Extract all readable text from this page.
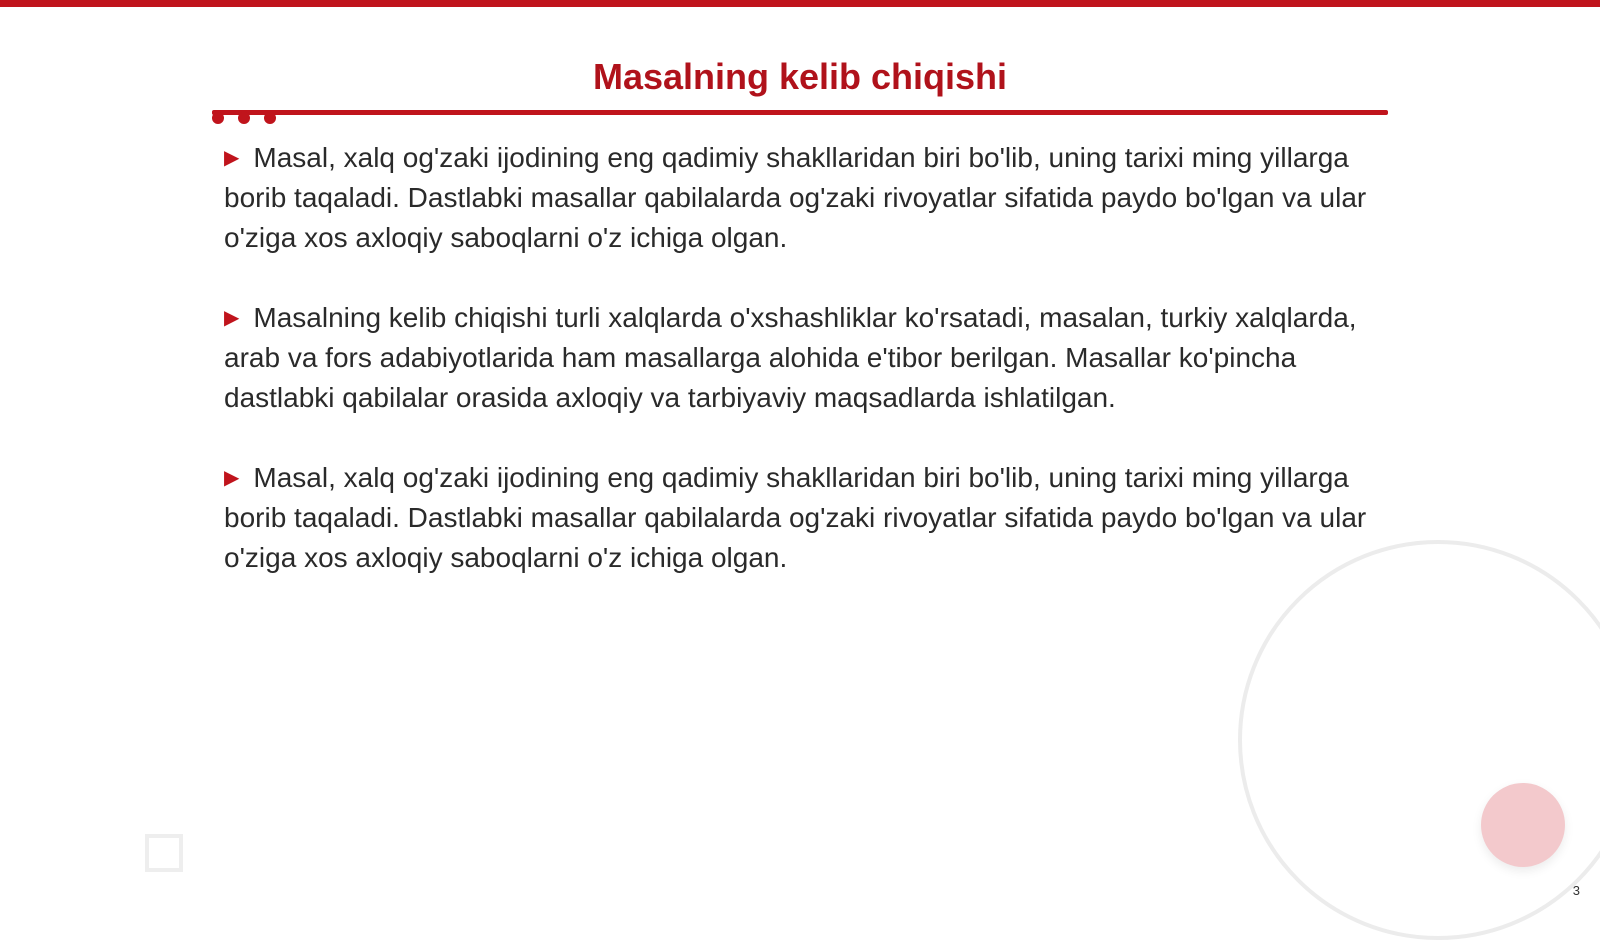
Masalning kelib chiqishi

▶ Masal, xalq og'zaki ijodining eng qadimiy shakllaridan biri bo'lib, uning tarixi ming yillarga borib taqaladi. Dastlabki masallar qabilalarda og'zaki rivoyatlar sifatida paydo bo'lgan va ular o'ziga xos axloqiy saboqlarni o'z ichiga olgan.

▶ Masalning kelib chiqishi turli xalqlarda o'xshashliklar ko'rsatadi, masalan, turkiy xalqlarda, arab va fors adabiyotlarida ham masallarga alohida e'tibor berilgan. Masallar ko'pincha dastlabki qabilalar orasida axloqiy va tarbiyaviy maqsadlarda ishlatilgan.

▶ Masal, xalq og'zaki ijodining eng qadimiy shakllaridan biri bo'lib, uning tarixi ming yillarga borib taqaladi. Dastlabki masallar qabilalarda og'zaki rivoyatlar sifatida paydo bo'lgan va ular o'ziga xos axloqiy saboqlarni o'z ichiga olgan.

3
